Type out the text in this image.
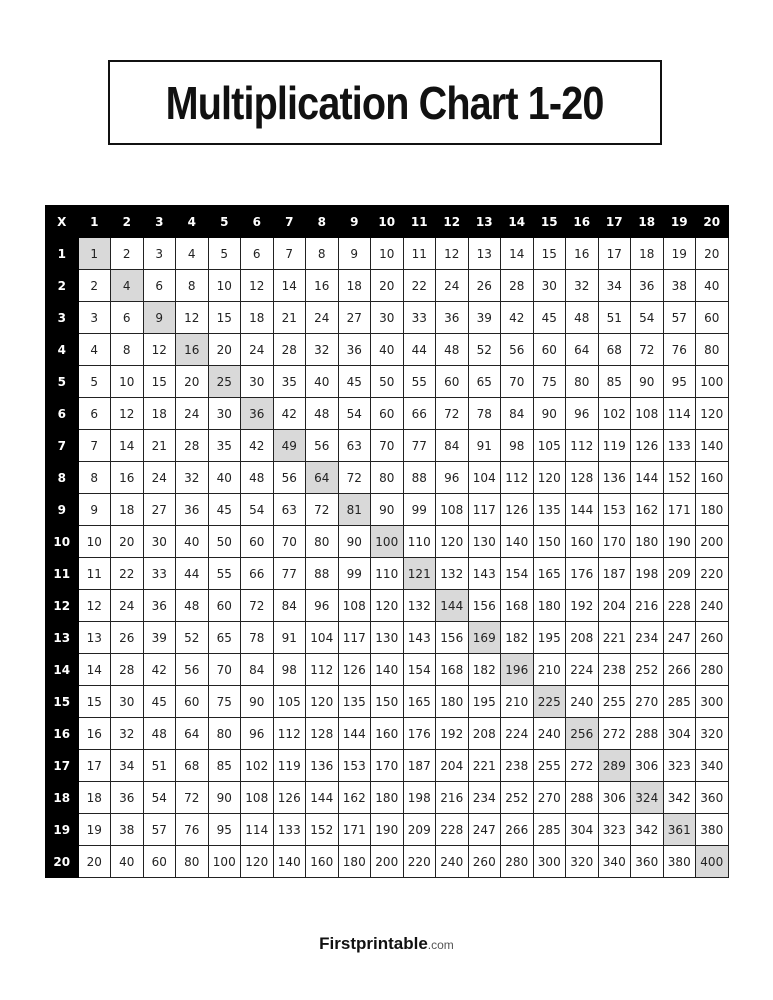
Multiplication Chart 1-20
X	1	2	3	4	5	6	7	8	9	10	11	12	13	14	15	16	17	18	19	20
1	1	2	3	4	5	6	7	8	9	10	11	12	13	14	15	16	17	18	19	20
2	2	4	6	8	10	12	14	16	18	20	22	24	26	28	30	32	34	36	38	40
3	3	6	9	12	15	18	21	24	27	30	33	36	39	42	45	48	51	54	57	60
4	4	8	12	16	20	24	28	32	36	40	44	48	52	56	60	64	68	72	76	80
5	5	10	15	20	25	30	35	40	45	50	55	60	65	70	75	80	85	90	95	100
6	6	12	18	24	30	36	42	48	54	60	66	72	78	84	90	96	102	108	114	120
7	7	14	21	28	35	42	49	56	63	70	77	84	91	98	105	112	119	126	133	140
8	8	16	24	32	40	48	56	64	72	80	88	96	104	112	120	128	136	144	152	160
9	9	18	27	36	45	54	63	72	81	90	99	108	117	126	135	144	153	162	171	180
10	10	20	30	40	50	60	70	80	90	100	110	120	130	140	150	160	170	180	190	200
11	11	22	33	44	55	66	77	88	99	110	121	132	143	154	165	176	187	198	209	220
12	12	24	36	48	60	72	84	96	108	120	132	144	156	168	180	192	204	216	228	240
13	13	26	39	52	65	78	91	104	117	130	143	156	169	182	195	208	221	234	247	260
14	14	28	42	56	70	84	98	112	126	140	154	168	182	196	210	224	238	252	266	280
15	15	30	45	60	75	90	105	120	135	150	165	180	195	210	225	240	255	270	285	300
16	16	32	48	64	80	96	112	128	144	160	176	192	208	224	240	256	272	288	304	320
17	17	34	51	68	85	102	119	136	153	170	187	204	221	238	255	272	289	306	323	340
18	18	36	54	72	90	108	126	144	162	180	198	216	234	252	270	288	306	324	342	360
19	19	38	57	76	95	114	133	152	171	190	209	228	247	266	285	304	323	342	361	380
20	20	40	60	80	100	120	140	160	180	200	220	240	260	280	300	320	340	360	380	400
Firstprintable.com
